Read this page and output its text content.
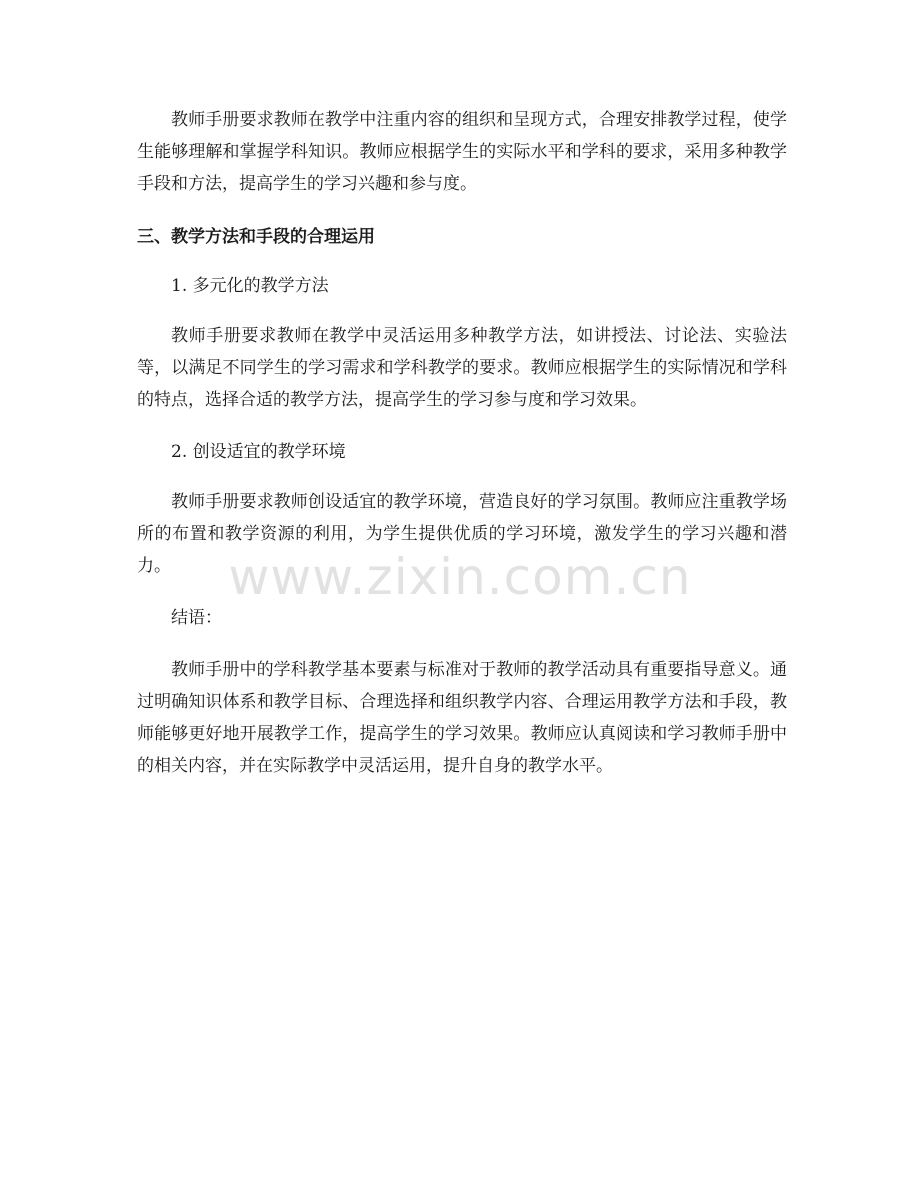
教师手册要求教师在教学中注重内容的组织和呈现方式，合理安排教学过程，使学生能够理解和掌握学科知识。教师应根据学生的实际水平和学科的要求，采用多种教学手段和方法，提高学生的学习兴趣和参与度。

三、教学方法和手段的合理运用

1. 多元化的教学方法

教师手册要求教师在教学中灵活运用多种教学方法，如讲授法、讨论法、实验法等，以满足不同学生的学习需求和学科教学的要求。教师应根据学生的实际情况和学科的特点，选择合适的教学方法，提高学生的学习参与度和学习效果。

2. 创设适宜的教学环境

教师手册要求教师创设适宜的教学环境，营造良好的学习氛围。教师应注重教学场所的布置和教学资源的利用，为学生提供优质的学习环境，激发学生的学习兴趣和潜力。

结语：

教师手册中的学科教学基本要素与标准对于教师的教学活动具有重要指导意义。通过明确知识体系和教学目标、合理选择和组织教学内容、合理运用教学方法和手段，教师能够更好地开展教学工作，提高学生的学习效果。教师应认真阅读和学习教师手册中的相关内容，并在实际教学中灵活运用，提升自身的教学水平。

www.zixin.com.cn
